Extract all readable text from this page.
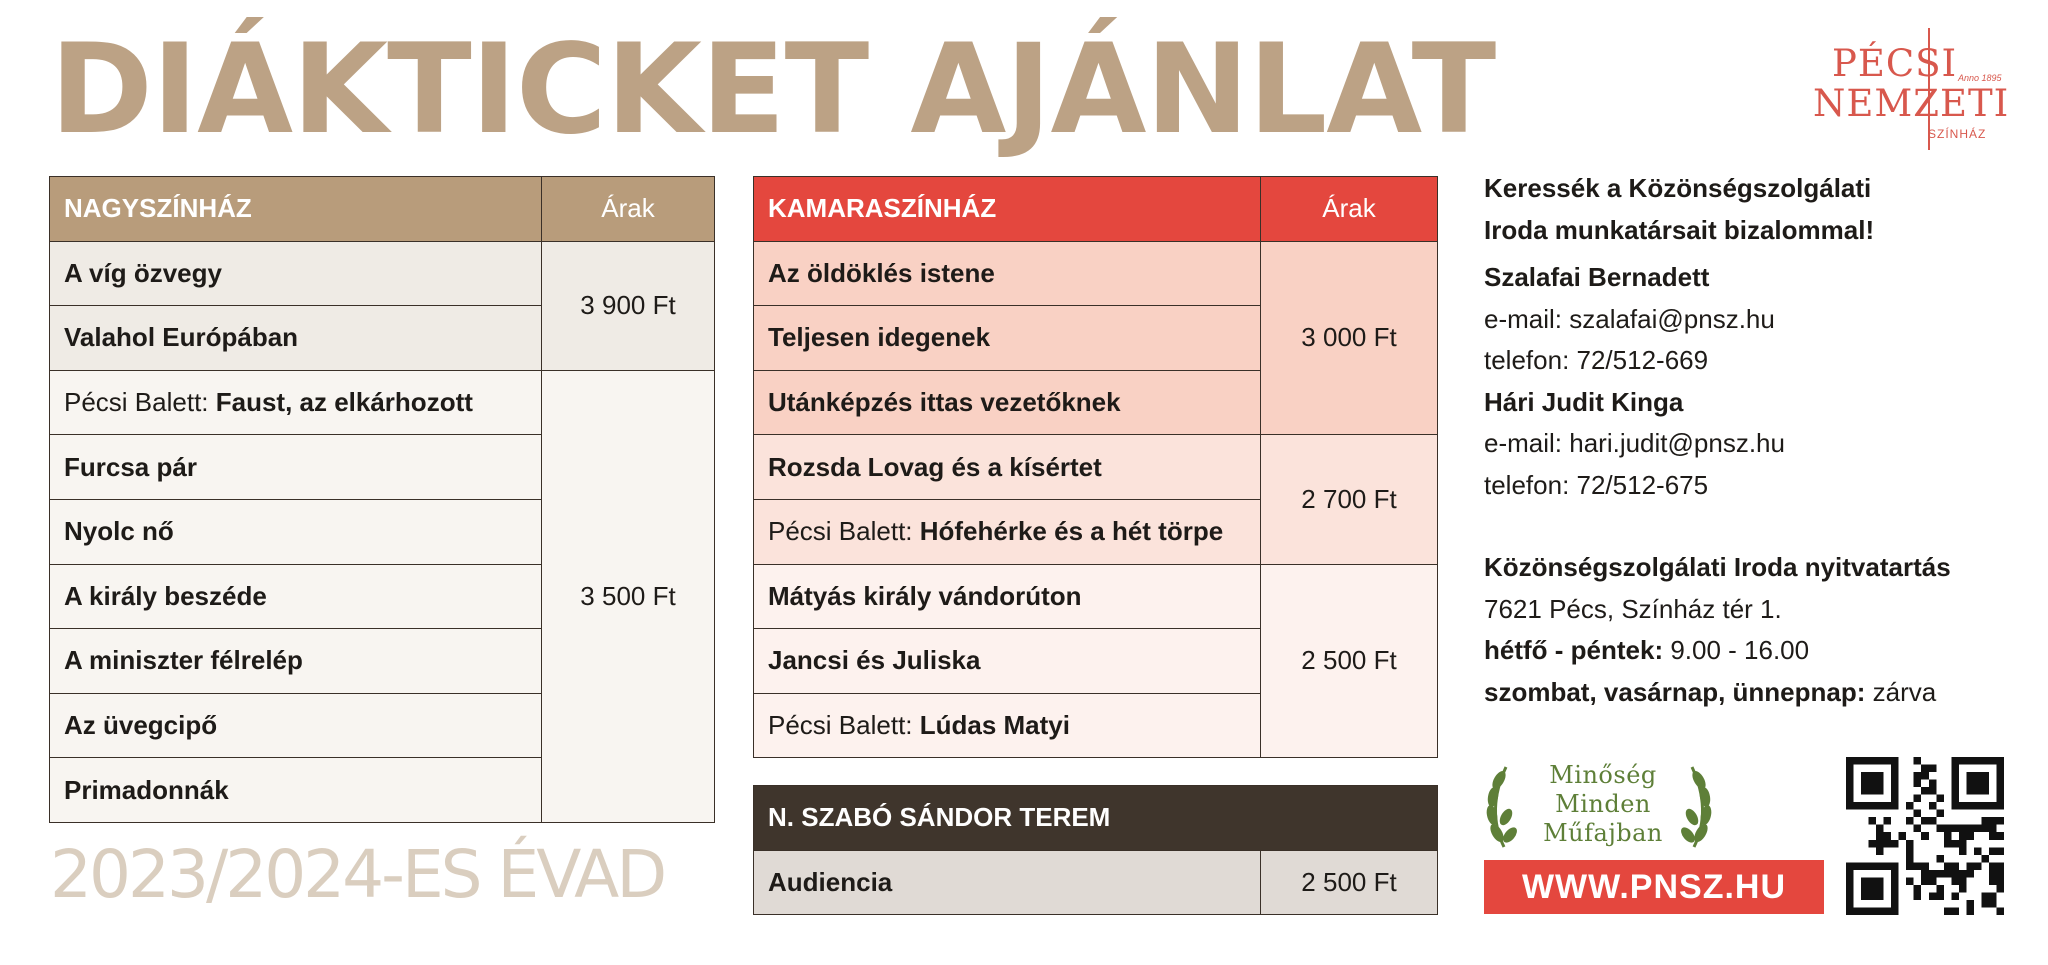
DIÁKTICKET AJÁNLAT	PÉCSI
NEMZETI
Anno 1895
SZÍNHÁZ
NAGYSZÍNHÁZ	Árak
A víg özvegy	3 900 Ft
Valahol Európában	
Pécsi Balett: Faust, az elkárhozott	3 500 Ft
Furcsa pár	
Nyolc nő	
A király beszéde	
A miniszter félrelép	
Az üvegcipő	
Primadonnák	
KAMARASZÍNHÁZ	Árak
Az öldöklés istene	3 000 Ft
Teljesen idegenek	
Utánképzés ittas vezetőknek	
Rozsda Lovag és a kísértet	2 700 Ft
Pécsi Balett: Hófehérke és a hét törpe	
Mátyás király vándorúton	2 500 Ft
Jancsi és Juliska	
Pécsi Balett: Lúdas Matyi	
N. SZABÓ SÁNDOR TEREM
Audiencia	2 500 Ft
2023/2024-ES ÉVAD
Keressék a Közönségszolgálati
Iroda munkatársait bizalommal!
Szalafai Bernadett
e-mail: szalafai@pnsz.hu
telefon: 72/512-669
Hári Judit Kinga
e-mail: hari.judit@pnsz.hu
telefon: 72/512-675
Közönségszolgálati Iroda nyitvatartás
7621 Pécs, Színház tér 1.
hétfő - péntek: 9.00 - 16.00
szombat, vasárnap, ünnepnap: zárva
Minőség
Minden
Műfajban
WWW.PNSZ.HU
